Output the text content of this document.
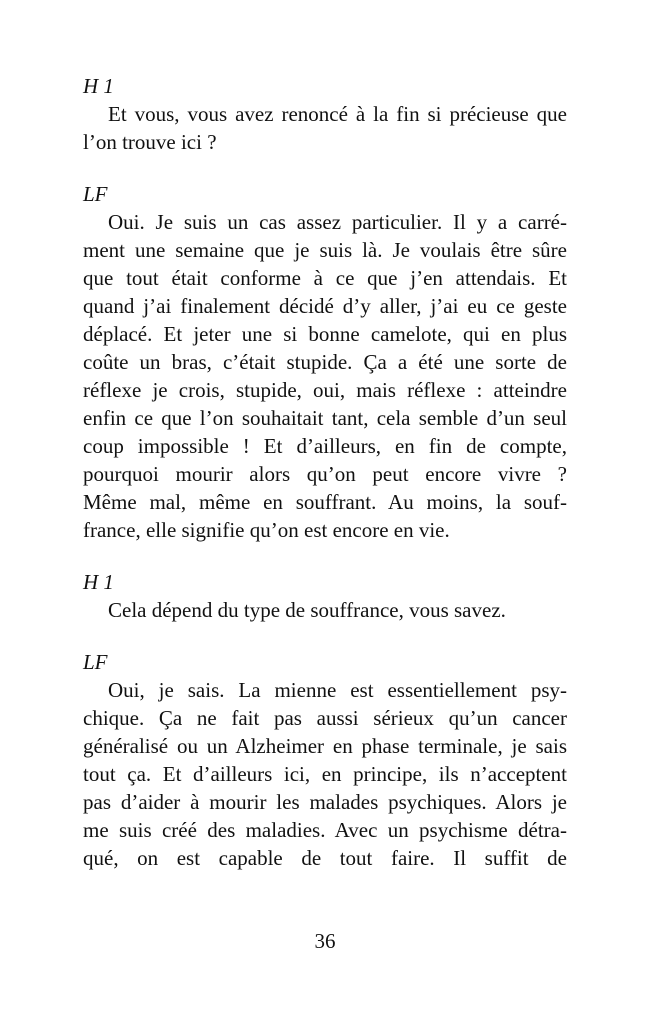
H 1

Et vous, vous avez renoncé à la fin si précieuse que
l’on trouve ici ?

LF

Oui. Je suis un cas assez particulier. Il y a carré-
ment une semaine que je suis là. Je voulais être sûre
que tout était conforme à ce que j’en attendais. Et
quand j’ai finalement décidé d’y aller, j’ai eu ce geste
déplacé. Et jeter une si bonne camelote, qui en plus
coûte un bras, c’était stupide. Ça a été une sorte de
réflexe je crois, stupide, oui, mais réflexe : atteindre
enfin ce que l’on souhaitait tant, cela semble d’un seul
coup impossible ! Et d’ailleurs, en fin de compte,
pourquoi mourir alors qu’on peut encore vivre ?
Même mal, même en souffrant. Au moins, la souf-
france, elle signifie qu’on est encore en vie.

H 1

Cela dépend du type de souffrance, vous savez.

LF

Oui, je sais. La mienne est essentiellement psy-
chique. Ça ne fait pas aussi sérieux qu’un cancer
généralisé ou un Alzheimer en phase terminale, je sais
tout ça. Et d’ailleurs ici, en principe, ils n’acceptent
pas d’aider à mourir les malades psychiques. Alors je
me suis créé des maladies. Avec un psychisme détra-
qué, on est capable de tout faire. Il suffit de
36
